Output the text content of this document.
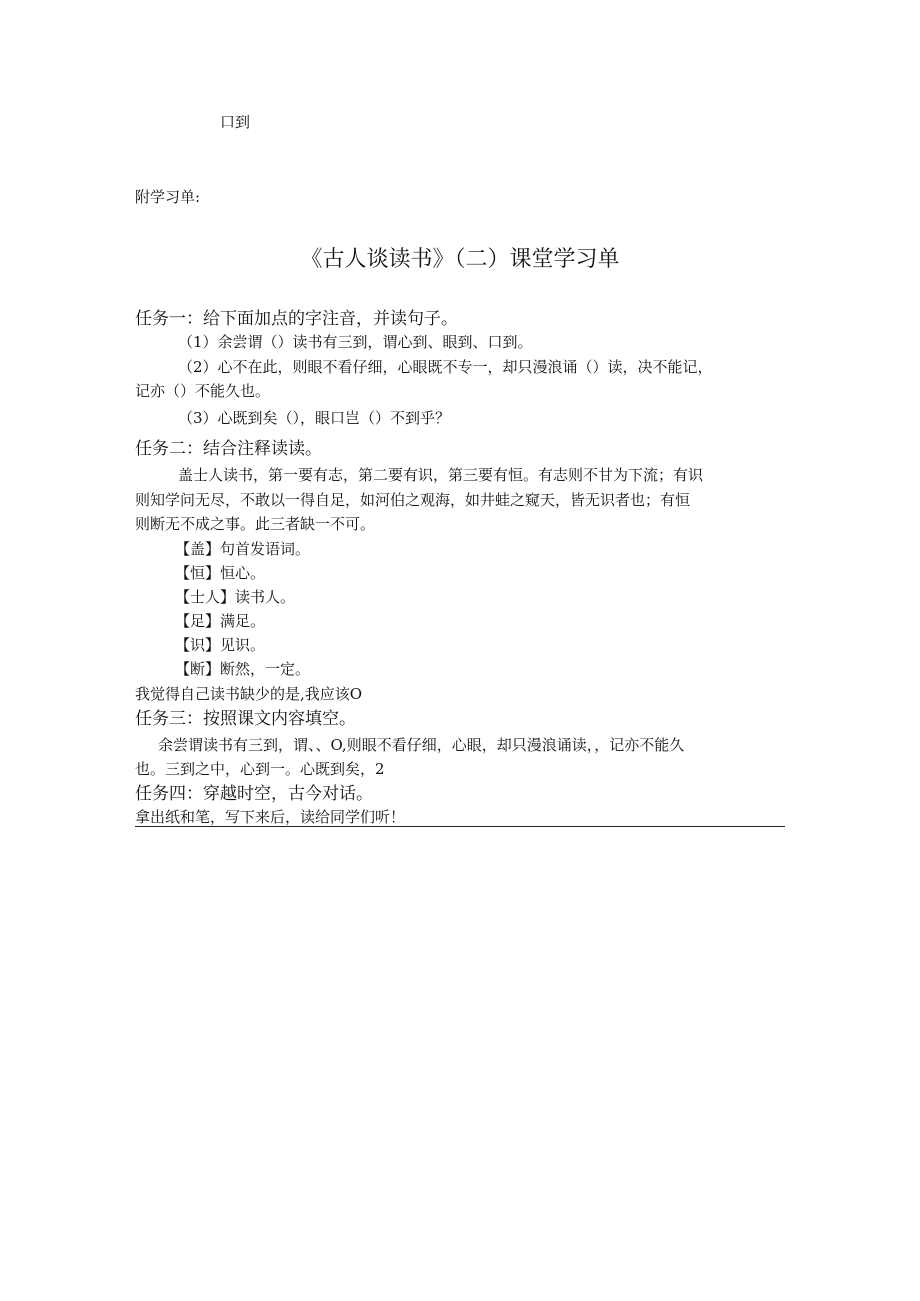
口到
附学习单:
《古人谈读书》（二）课堂学习单
任务一：给下面加点的字注音，并读句子。
（1）余尝谓（）读书有三到，谓心到、眼到、口到。
（2）心不在此，则眼不看仔细，心眼既不专一，却只漫浪诵（）读，决不能记，
记亦（）不能久也。
（3）心既到矣（），眼口岂（）不到乎？
任务二：结合注释读读。
盖士人读书，第一要有志，第二要有识，第三要有恒。有志则不甘为下流；有识
则知学问无尽，不敢以一得自足，如河伯之观海，如井蛙之窥天，皆无识者也；有恒
则断无不成之事。此三者缺一不可。
【盖】句首发语词。
【恒】恒心。
【士人】读书人。
【足】满足。
【识】见识。
【断】断然，一定。
我觉得自己读书缺少的是,我应该O
任务三：按照课文内容填空。
余尝谓读书有三到，谓、、O,则眼不看仔细，心眼，却只漫浪诵读，，记亦不能久
也。三到之中，心到一。心既到矣，2
任务四：穿越时空，古今对话。
拿出纸和笔，写下来后，读给同学们听！
